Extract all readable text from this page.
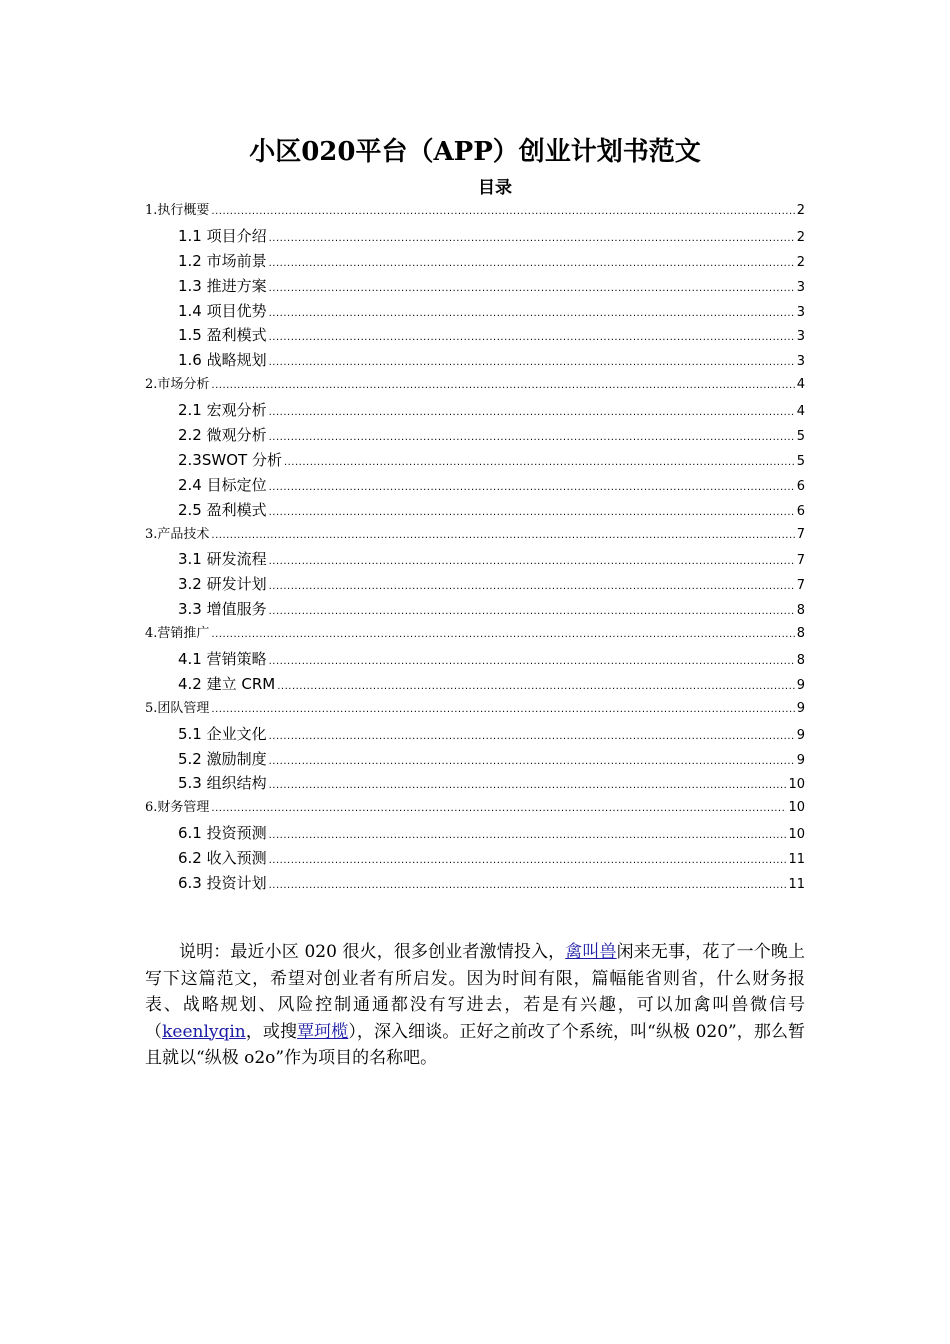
小区020平台（APP）创业计划书范文
目录
1.执行概要 .....	2
1.1 项目介绍 .....	2
1.2 市场前景 .....	2
1.3 推进方案 .....	3
1.4 项目优势 .....	3
1.5 盈利模式 .....	3
1.6 战略规划 .....	3
2.市场分析 .....	4
2.1 宏观分析 .....	4
2.2 微观分析 .....	5
2.3SWOT 分析 .....	5
2.4 目标定位 .....	6
2.5 盈利模式 .....	6
3.产品技术 .....	7
3.1 研发流程 .....	7
3.2 研发计划 .....	7
3.3 增值服务 .....	8
4.营销推广 .....	8
4.1 营销策略 .....	8
4.2 建立 CRM .....	9
5.团队管理 .....	9
5.1 企业文化 .....	9
5.2 激励制度 .....	9
5.3 组织结构 .....	10
6.财务管理 .....	10
6.1 投资预测 .....	10
6.2 收入预测 .....	11
6.3 投资计划 .....	11

说明：最近小区 020 很火，很多创业者激情投入，禽叫兽闲来无事，花了一个晚上写下这篇范文，希望对创业者有所启发。因为时间有限，篇幅能省则省，什么财务报表、战略规划、风险控制通通都没有写进去，若是有兴趣，可以加禽叫兽微信号（keenlyqin，或搜覃珂榄），深入细谈。正好之前改了个系统，叫“纵极 020”，那么暂且就以“纵极 o2o”作为项目的名称吧。
